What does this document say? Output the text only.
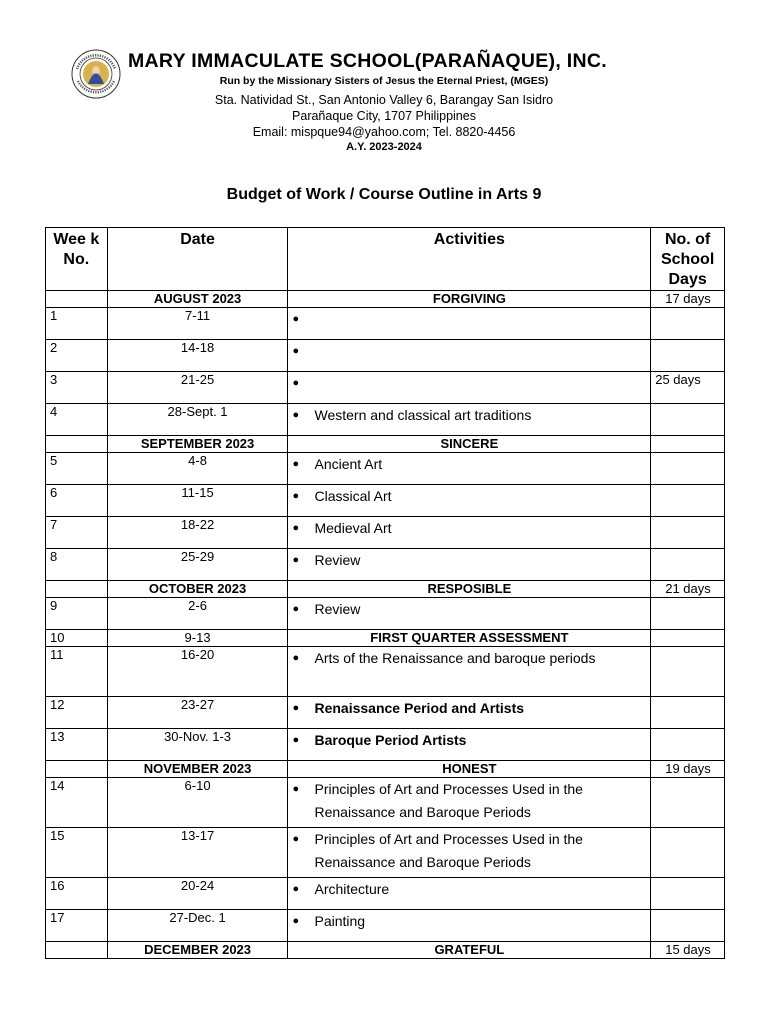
MARY IMMACULATE SCHOOL(PARAÑAQUE), INC.
Run by the Missionary Sisters of Jesus the Eternal Priest, (MGES)
Sta. Natividad St., San Antonio Valley 6, Barangay San Isidro
Parañaque City, 1707 Philippines
Email: mispque94@yahoo.com; Tel. 8820-4456
A.Y. 2023-2024
Budget of Work / Course Outline in Arts 9
Wee k No.	Date	Activities	No. of School Days
	AUGUST 2023	FORGIVING	17 days
1	7-11	●	

2	14-18	●	

3	21-25	●	25 days
4	28-Sept. 1	● Western and classical art traditions	

	SEPTEMBER 2023	SINCERE	
5	4-8	● Ancient Art	

6	11-15	● Classical Art	

7	18-22	● Medieval Art	

8	25-29	● Review	

	OCTOBER 2023	RESPOSIBLE	21 days
9	2-6	● Review	

10	9-13	FIRST QUARTER ASSESSMENT	
11	16-20	● Arts of the Renaissance and baroque periods	

12	23-27	● Renaissance Period and Artists	

13	30-Nov. 1-3	● Baroque Period Artists	

	NOVEMBER 2023	HONEST	19 days
14	6-10	● Principles of Art and Processes Used in the Renaissance and Baroque Periods	

15	13-17	● Principles of Art and Processes Used in the Renaissance and Baroque Periods	

16	20-24	● Architecture	

17	27-Dec. 1	● Painting	

	DECEMBER 2023	GRATEFUL	15 days
